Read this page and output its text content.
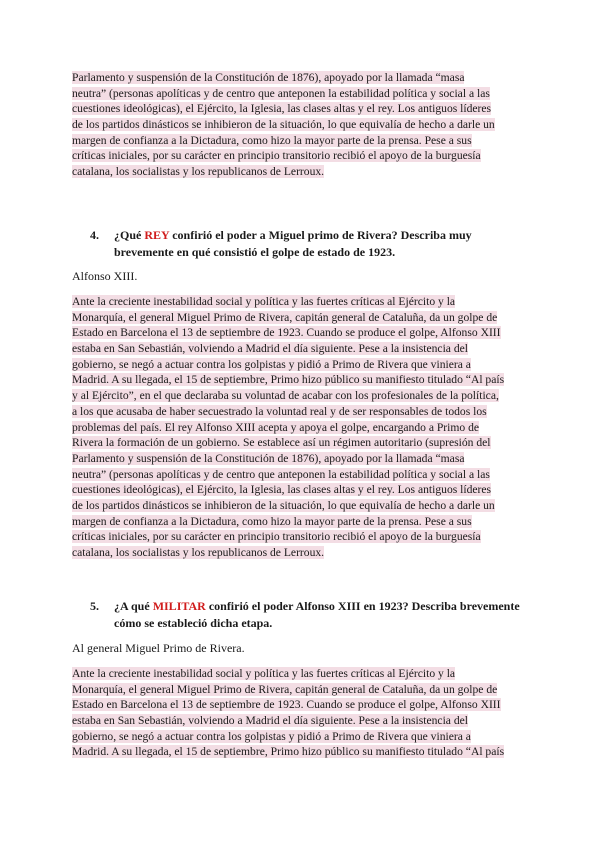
Parlamento y suspensión de la Constitución de 1876), apoyado por la llamada “masa
neutra” (personas apolíticas y de centro que anteponen la estabilidad política y social a las
cuestiones ideológicas), el Ejército, la Iglesia, las clases altas y el rey. Los antiguos líderes
de los partidos dinásticos se inhibieron de la situación, lo que equivalía de hecho a darle un
margen de confianza a la Dictadura, como hizo la mayor parte de la prensa. Pese a sus
críticas iniciales, por su carácter en principio transitorio recibió el apoyo de la burguesía
catalana, los socialistas y los republicanos de Lerroux.
4. ¿Qué REY confirió el poder a Miguel primo de Rivera? Describa muy
brevemente en qué consistió el golpe de estado de 1923.

Alfonso XIII.

Ante la creciente inestabilidad social y política y las fuertes críticas al Ejército y la
Monarquía, el general Miguel Primo de Rivera, capitán general de Cataluña, da un golpe de
Estado en Barcelona el 13 de septiembre de 1923. Cuando se produce el golpe, Alfonso XIII
estaba en San Sebastián, volviendo a Madrid el día siguiente. Pese a la insistencia del
gobierno, se negó a actuar contra los golpistas y pidió a Primo de Rivera que viniera a
Madrid. A su llegada, el 15 de septiembre, Primo hizo público su manifiesto titulado “Al país
y al Ejército”, en el que declaraba su voluntad de acabar con los profesionales de la política,
a los que acusaba de haber secuestrado la voluntad real y de ser responsables de todos los
problemas del país. El rey Alfonso XIII acepta y apoya el golpe, encargando a Primo de
Rivera la formación de un gobierno. Se establece así un régimen autoritario (supresión del
Parlamento y suspensión de la Constitución de 1876), apoyado por la llamada “masa
neutra” (personas apolíticas y de centro que anteponen la estabilidad política y social a las
cuestiones ideológicas), el Ejército, la Iglesia, las clases altas y el rey. Los antiguos líderes
de los partidos dinásticos se inhibieron de la situación, lo que equivalía de hecho a darle un
margen de confianza a la Dictadura, como hizo la mayor parte de la prensa. Pese a sus
críticas iniciales, por su carácter en principio transitorio recibió el apoyo de la burguesía
catalana, los socialistas y los republicanos de Lerroux.
5. ¿A qué MILITAR confirió el poder Alfonso XIII en 1923? Describa brevemente
cómo se estableció dicha etapa.

Al general Miguel Primo de Rivera.

Ante la creciente inestabilidad social y política y las fuertes críticas al Ejército y la
Monarquía, el general Miguel Primo de Rivera, capitán general de Cataluña, da un golpe de
Estado en Barcelona el 13 de septiembre de 1923. Cuando se produce el golpe, Alfonso XIII
estaba en San Sebastián, volviendo a Madrid el día siguiente. Pese a la insistencia del
gobierno, se negó a actuar contra los golpistas y pidió a Primo de Rivera que viniera a
Madrid. A su llegada, el 15 de septiembre, Primo hizo público su manifiesto titulado “Al país
